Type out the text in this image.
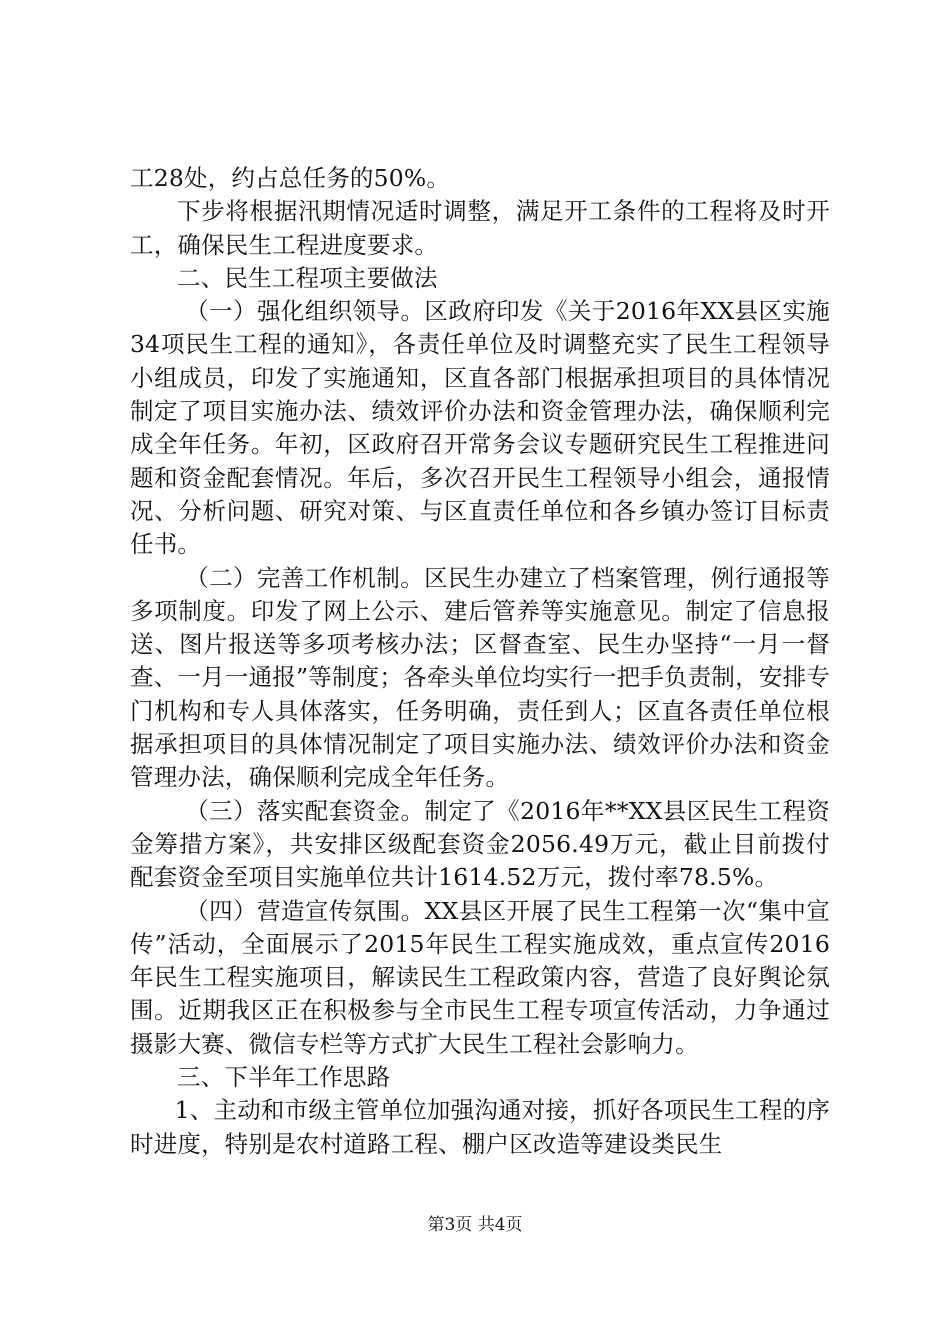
工28处，约占总任务的50%。

下步将根据汛期情况适时调整，满足开工条件的工程将及时开工，确保民生工程进度要求。

二、民生工程项主要做法

（一）强化组织领导。区政府印发《关于2016年XX县区实施34项民生工程的通知》，各责任单位及时调整充实了民生工程领导小组成员，印发了实施通知，区直各部门根据承担项目的具体情况制定了项目实施办法、绩效评价办法和资金管理办法，确保顺利完成全年任务。年初，区政府召开常务会议专题研究民生工程推进问题和资金配套情况。年后，多次召开民生工程领导小组会，通报情况、分析问题、研究对策、与区直责任单位和各乡镇办签订目标责任书。

（二）完善工作机制。区民生办建立了档案管理，例行通报等多项制度。印发了网上公示、建后管养等实施意见。制定了信息报送、图片报送等多项考核办法；区督查室、民生办坚持“一月一督查、一月一通报”等制度；各牵头单位均实行一把手负责制，安排专门机构和专人具体落实，任务明确，责任到人；区直各责任单位根据承担项目的具体情况制定了项目实施办法、绩效评价办法和资金管理办法，确保顺利完成全年任务。

（三）落实配套资金。制定了《2016年**XX县区民生工程资金筹措方案》，共安排区级配套资金2056.49万元，截止目前拨付配套资金至项目实施单位共计1614.52万元，拨付率78.5%。

（四）营造宣传氛围。XX县区开展了民生工程第一次“集中宣传”活动，全面展示了2015年民生工程实施成效，重点宣传2016年民生工程实施项目，解读民生工程政策内容，营造了良好舆论氛围。近期我区正在积极参与全市民生工程专项宣传活动，力争通过摄影大赛、微信专栏等方式扩大民生工程社会影响力。

三、下半年工作思路

1、主动和市级主管单位加强沟通对接，抓好各项民生工程的序时进度，特别是农村道路工程、棚户区改造等建设类民生

第3页 共4页
